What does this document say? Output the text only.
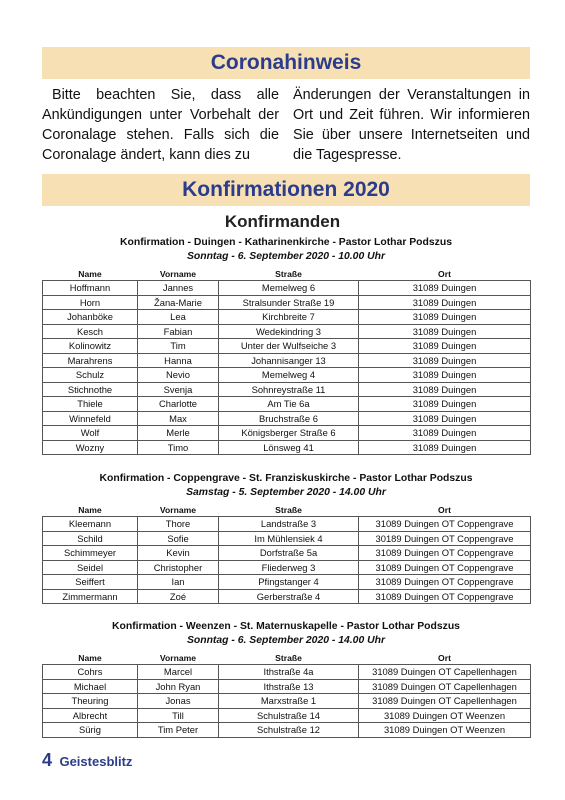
Coronahinweis
Bitte beachten Sie, dass alle Ankündigungen unter Vorbehalt der Coronalage stehen. Falls sich die Coronalage ändert, kann dies zu
Änderungen der Veranstaltungen in Ort und Zeit führen. Wir informieren Sie über unsere Internetseiten und die Tagespresse.
Konfirmationen 2020
Konfirmanden
Konfirmation - Duingen - Katharinenkirche - Pastor Lothar Podszus
Sonntag - 6. September 2020 - 10.00 Uhr
Name	Vorname	Straße	Ort
Hoffmann	Jannes	Memelweg 6	31089 Duingen
Horn	Žana-Marie	Stralsunder Straße 19	31089 Duingen
Johanböke	Lea	Kirchbreite 7	31089 Duingen
Kesch	Fabian	Wedekindring 3	31089 Duingen
Kolinowitz	Tim	Unter der Wulfseiche 3	31089 Duingen
Marahrens	Hanna	Johannisanger 13	31089 Duingen
Schulz	Nevio	Memelweg 4	31089 Duingen
Stichnothe	Svenja	Sohnreystraße 11	31089 Duingen
Thiele	Charlotte	Am Tie 6a	31089 Duingen
Winnefeld	Max	Bruchstraße 6	31089 Duingen
Wolf	Merle	Königsberger Straße 6	31089 Duingen
Wozny	Timo	Lönsweg 41	31089 Duingen
Konfirmation - Coppengrave - St. Franziskuskirche - Pastor Lothar Podszus
Samstag - 5. September 2020 - 14.00 Uhr
Name	Vorname	Straße	Ort
Kleemann	Thore	Landstraße 3	31089 Duingen OT Coppengrave
Schild	Sofie	Im Mühlensiek 4	30189 Duingen OT Coppengrave
Schimmeyer	Kevin	Dorfstraße 5a	31089 Duingen OT Coppengrave
Seidel	Christopher	Fliederweg 3	31089 Duingen OT Coppengrave
Seiffert	Ian	Pfingstanger 4	31089 Duingen OT Coppengrave
Zimmermann	Zoé	Gerberstraße 4	31089 Duingen OT Coppengrave
Konfirmation - Weenzen - St. Maternuskapelle - Pastor Lothar Podszus
Sonntag - 6. September 2020 - 14.00 Uhr
Name	Vorname	Straße	Ort
Cohrs	Marcel	Ithstraße 4a	31089 Duingen OT Capellenhagen
Michael	John Ryan	Ithstraße 13	31089 Duingen OT Capellenhagen
Theuring	Jonas	Marxstraße 1	31089 Duingen OT Capellenhagen
Albrecht	Till	Schulstraße 14	31089 Duingen OT Weenzen
Sürig	Tim Peter	Schulstraße 12	31089 Duingen OT Weenzen
4 Geistesblitz
